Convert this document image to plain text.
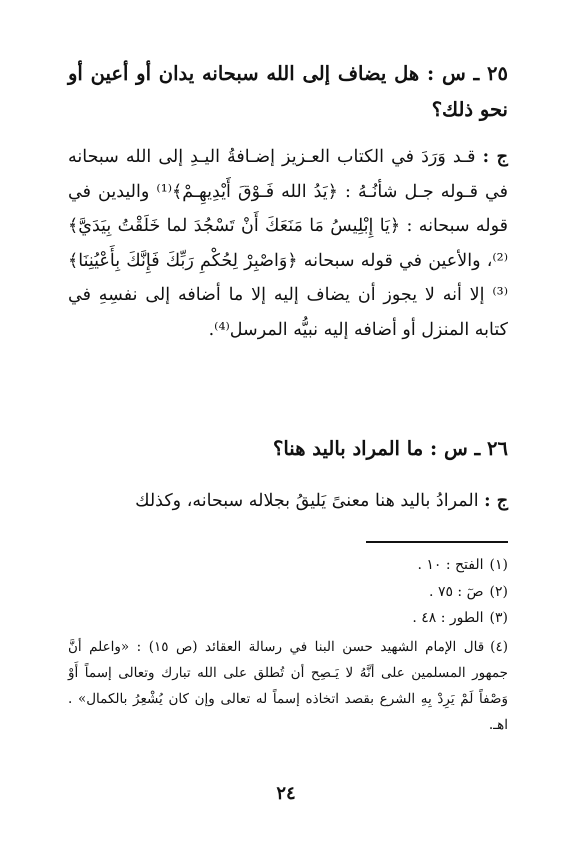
٢٥ ـ س : هل يضاف إلى الله سبحانه يدان أو أعين أو نحو ذلك؟

ج : قـد وَرَدَ في الكتاب العـزيز إضـافةُ اليـدِ إلى الله سبحانه في قـوله جـل شأنُـهُ : ﴿يَدُ الله فَـوْقَ أَيْدِيهِـمْ﴾⁽¹⁾ واليدين في قوله سبحانه : ﴿يَا إِبْلِيسُ مَا مَنَعَكَ أَنْ تَسْجُدَ لما خَلَقْتُ بِيَدَيَّ﴾⁽²⁾، والأعين في قوله سبحانه ﴿وَاصْبِرْ لِحُكْمِ رَبِّكَ فَإِنَّكَ بِأَعْيُنِنَا﴾⁽³⁾ إلا أنه لا يجوز أن يضاف إليه إلا ما أضافه إلى نفسِهِ في كتابه المنزل أو أضافه إليه نبيُّه المرسل⁽⁴⁾.

٢٦ ـ س : ما المراد باليد هنا؟

ج : المرادُ باليد هنا معنىً يَليقُ بجلاله سبحانه، وكذلك

(١)الفتح : ١٠ .

(٢)صٓ : ٧٥ .

(٣)الطور : ٤٨ .

(٤)قال الإمام الشهيد حسن البنا في رسالة العقائد (ص ١٥) : «واعلم أنَّ جمهور المسلمين على أنَّهُ لا يَـصِح أن تُطلق على الله تبارك وتعالى إسماً أَوْ وَصْفاً لَمْ يَرِدْ بِهِ الشرع بقصد اتخاذه إسماً له تعالى وإن كان يُشْعِرُ بالكمال» . اهـ.

٢٤
